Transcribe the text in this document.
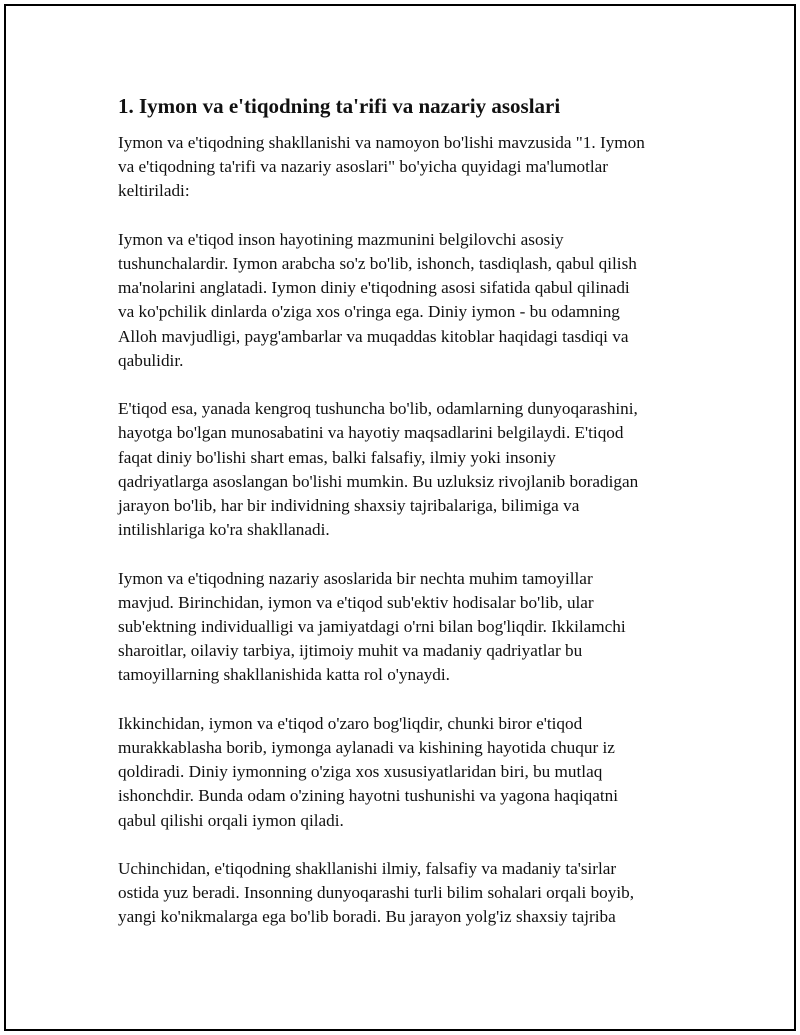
1. Iymon va e'tiqodning ta'rifi va nazariy asoslari

Iymon va e'tiqodning shakllanishi va namoyon bo'lishi mavzusida "1. Iymon
va e'tiqodning ta'rifi va nazariy asoslari" bo'yicha quyidagi ma'lumotlar
keltiriladi:

Iymon va e'tiqod inson hayotining mazmunini belgilovchi asosiy
tushunchalardir. Iymon arabcha so'z bo'lib, ishonch, tasdiqlash, qabul qilish
ma'nolarini anglatadi. Iymon diniy e'tiqodning asosi sifatida qabul qilinadi
va ko'pchilik dinlarda o'ziga xos o'ringa ega. Diniy iymon - bu odamning
Alloh mavjudligi, payg'ambarlar va muqaddas kitoblar haqidagi tasdiqi va
qabulidir.

E'tiqod esa, yanada kengroq tushuncha bo'lib, odamlarning dunyoqarashini,
hayotga bo'lgan munosabatini va hayotiy maqsadlarini belgilaydi. E'tiqod
faqat diniy bo'lishi shart emas, balki falsafiy, ilmiy yoki insoniy
qadriyatlarga asoslangan bo'lishi mumkin. Bu uzluksiz rivojlanib boradigan
jarayon bo'lib, har bir individning shaxsiy tajribalariga, bilimiga va
intilishlariga ko'ra shakllanadi.

Iymon va e'tiqodning nazariy asoslarida bir nechta muhim tamoyillar
mavjud. Birinchidan, iymon va e'tiqod sub'ektiv hodisalar bo'lib, ular
sub'ektning individualligi va jamiyatdagi o'rni bilan bog'liqdir. Ikkilamchi
sharoitlar, oilaviy tarbiya, ijtimoiy muhit va madaniy qadriyatlar bu
tamoyillarning shakllanishida katta rol o'ynaydi.

Ikkinchidan, iymon va e'tiqod o'zaro bog'liqdir, chunki biror e'tiqod
murakkablasha borib, iymonga aylanadi va kishining hayotida chuqur iz
qoldiradi. Diniy iymonning o'ziga xos xususiyatlaridan biri, bu mutlaq
ishonchdir. Bunda odam o'zining hayotni tushunishi va yagona haqiqatni
qabul qilishi orqali iymon qiladi.

Uchinchidan, e'tiqodning shakllanishi ilmiy, falsafiy va madaniy ta'sirlar
ostida yuz beradi. Insonning dunyoqarashi turli bilim sohalari orqali boyib,
yangi ko'nikmalarga ega bo'lib boradi. Bu jarayon yolg'iz shaxsiy tajriba
